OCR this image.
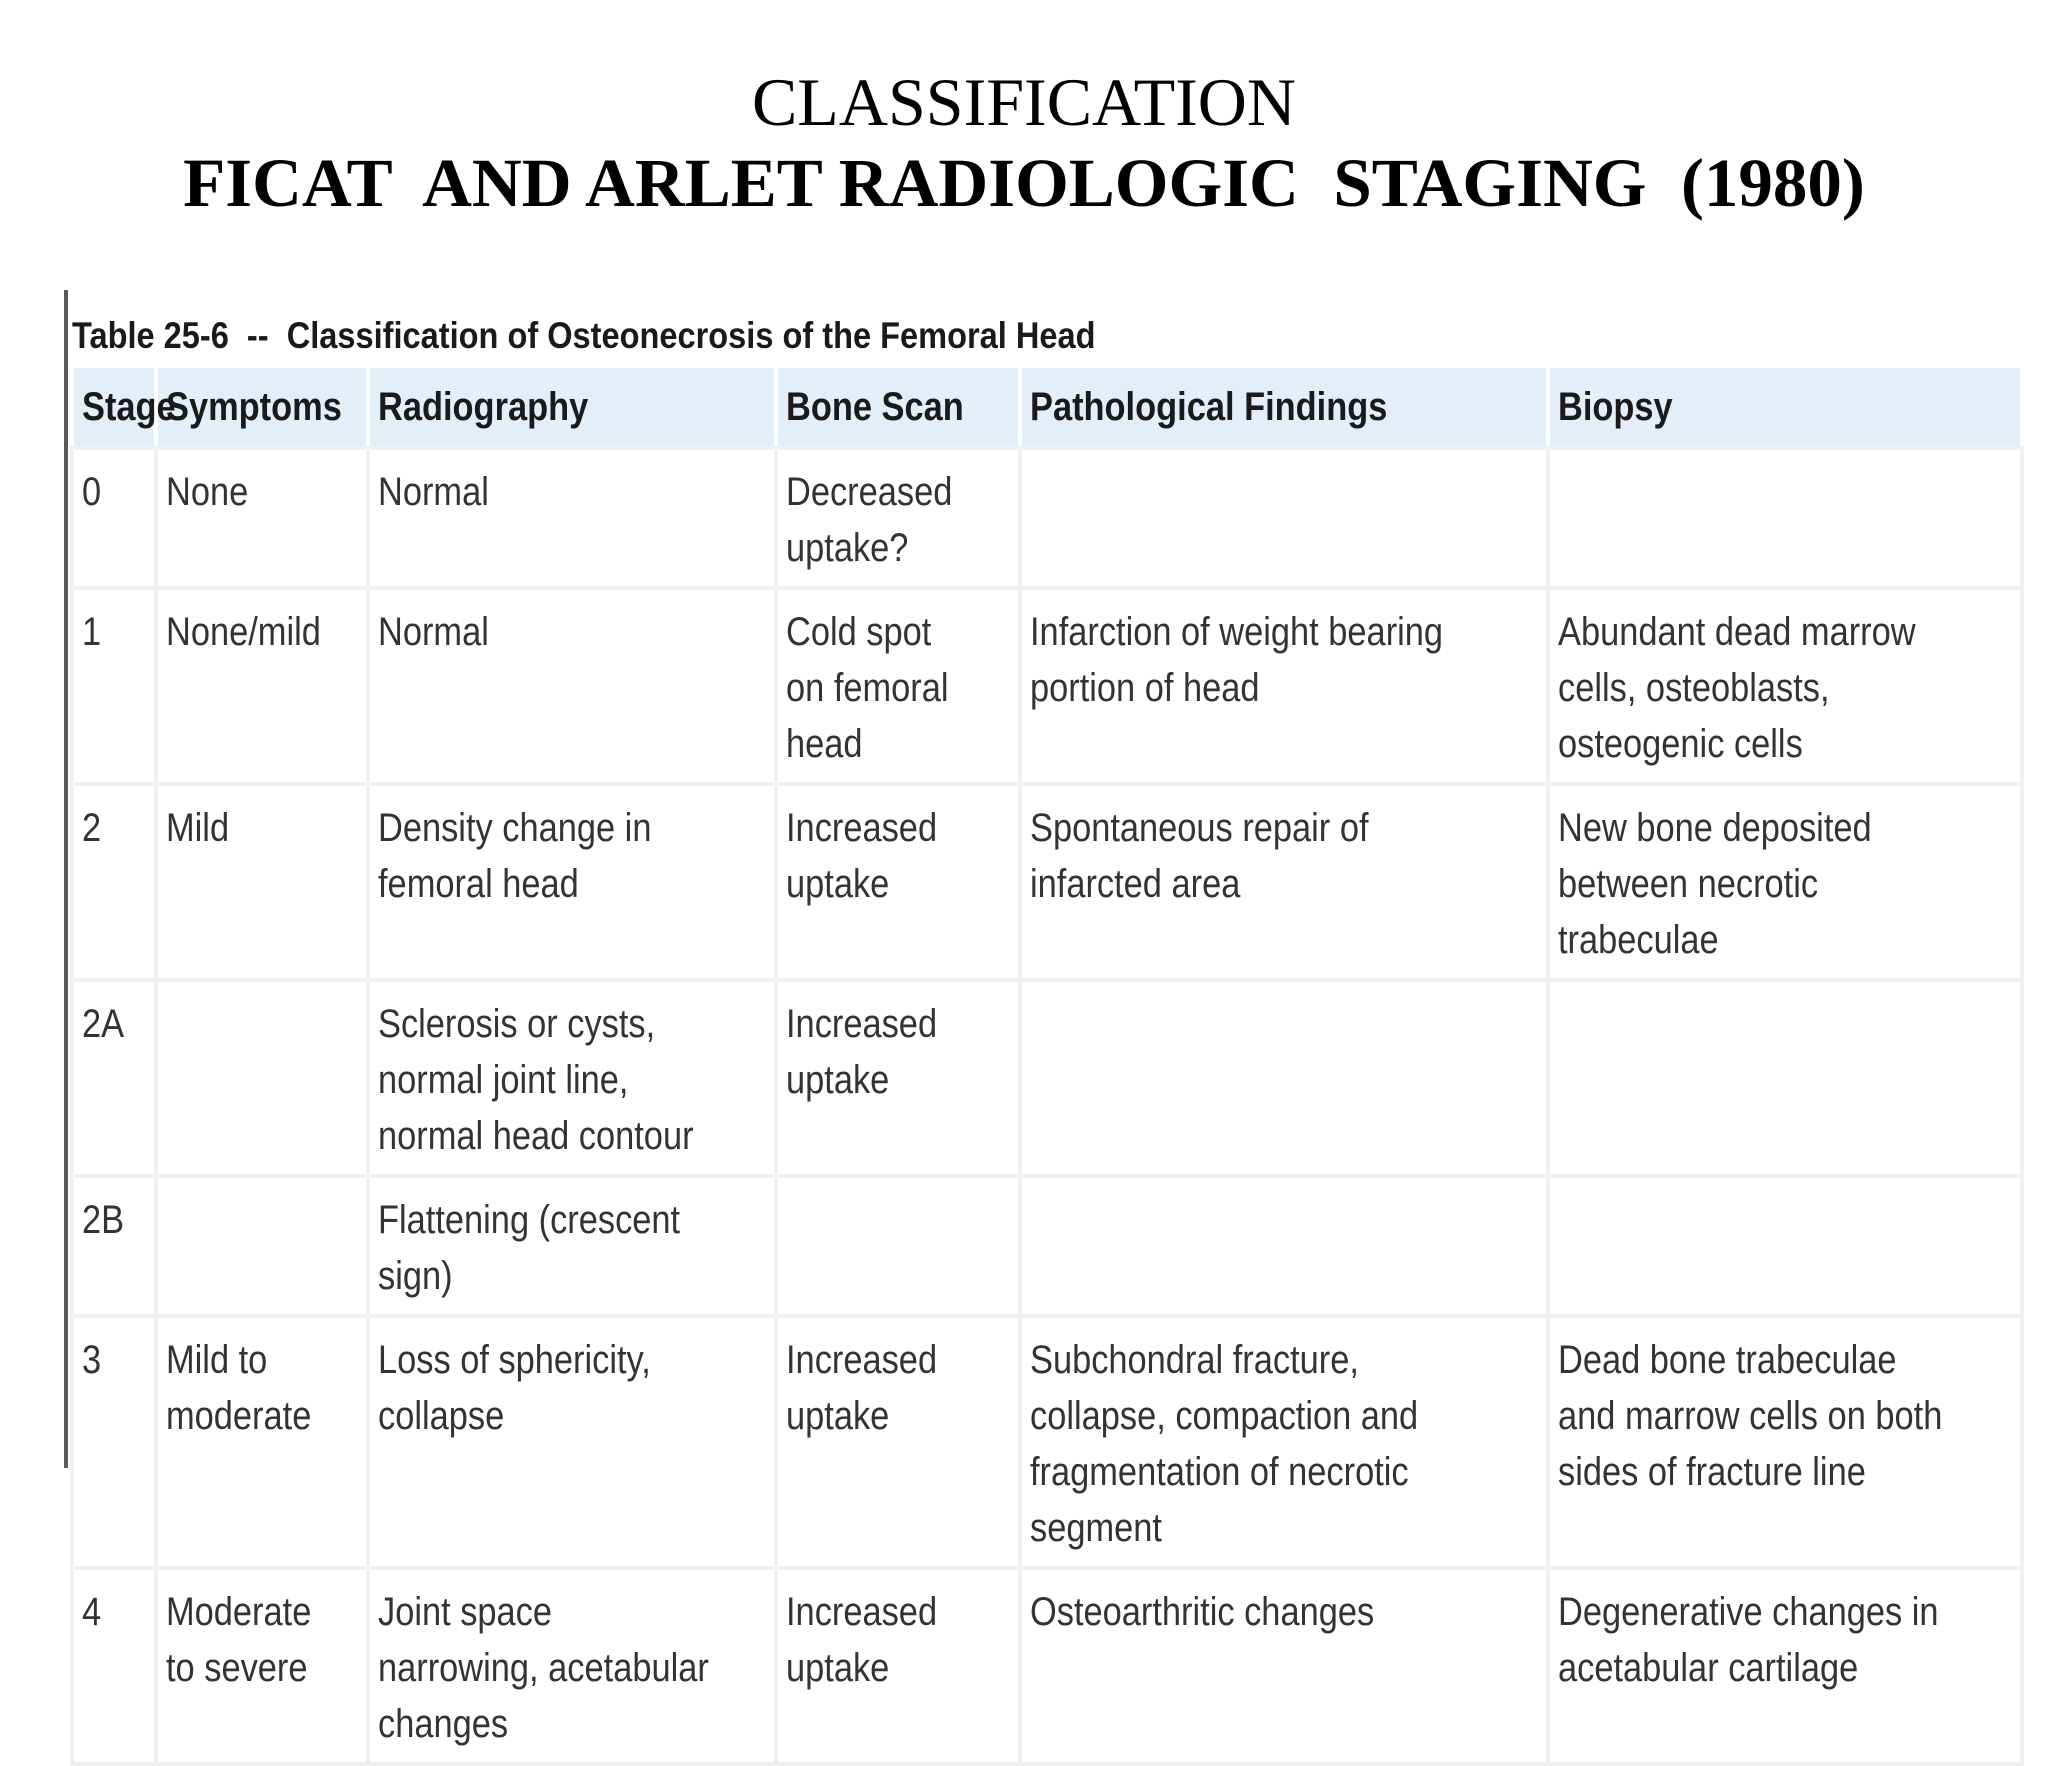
CLASSIFICATION
FICAT  AND ARLET RADIOLOGIC  STAGING  (1980)
Table 25-6  --  Classification of Osteonecrosis of the Femoral Head
Stage	Symptoms	Radiography	Bone Scan	Pathological Findings	Biopsy
0	None	Normal	Decreased uptake?		
1	None/mild	Normal	Cold spot on femoral head	Infarction of weight bearing portion of head	Abundant dead marrow cells, osteoblasts, osteogenic cells
2	Mild	Density change in femoral head	Increased uptake	Spontaneous repair of infarcted area	New bone deposited between necrotic trabeculae
2A		Sclerosis or cysts, normal joint line, normal head contour	Increased uptake		
2B		Flattening (crescent sign)			
3	Mild to moderate	Loss of sphericity, collapse	Increased uptake	Subchondral fracture, collapse, compaction and fragmentation of necrotic segment	Dead bone trabeculae and marrow cells on both sides of fracture line
4	Moderate to severe	Joint space narrowing, acetabular changes	Increased uptake	Osteoarthritic changes	Degenerative changes in acetabular cartilage
